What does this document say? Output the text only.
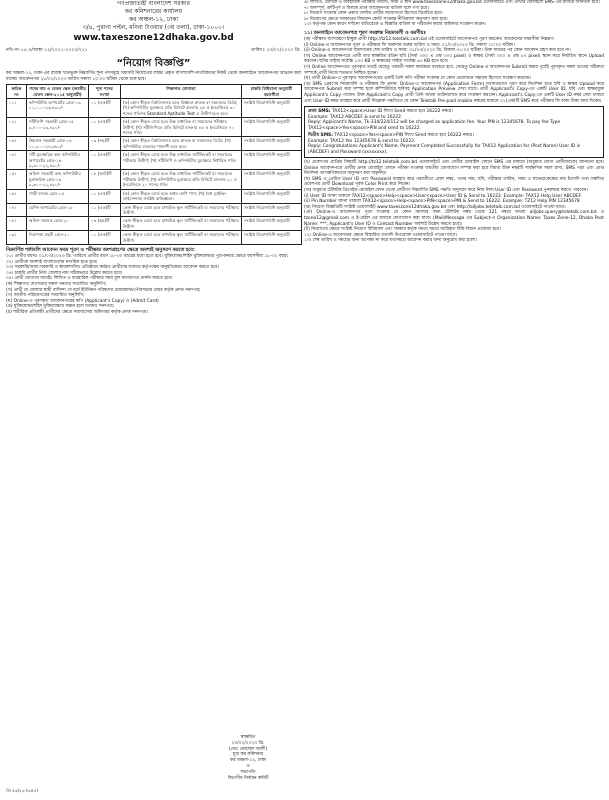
গণপ্রজাতন্ত্রী বাংলাদেশ সরকার
কর কমিশনারের কার্যালয়
কর অঞ্চল-১২, ঢাকা
৩/৪, পুরানা পল্টন, মনিরা টাওয়ার (৩য় তলা), ঢাকা-১০০০।
www.taxeszone12dhaka.gov.bd
নথি নং-১৫.৩/আস্থা-১২/২০২২-২০২৩/২২১	তারিখঃ ২৩/০২/২০২৩ খ্রি.
“নিয়োগ বিজ্ঞপ্তি”
কর অঞ্চল-১২, ঢাকা-এর রাজস্ব খাতভুক্ত নিম্নবর্ণিত শূন্য পদসমূহে সরাসরি নিয়োগের লক্ষ্যে প্রকৃত বাংলাদেশি নাগরিকদের নিকট থেকে অনলাইনে আবেদনপত্র আহ্বান করা যাচ্ছে। আবেদনপত্র ২৮/০২/২০২৩ তারিখ সকাল ১০:০০ ঘটিকা থেকে শুরু হবে।
ক্রমিক নং	পদের নাম ও বেতন স্কেল (জাতীয় বেতন স্কেল-২০১৫ অনুযায়ী)	শূন্য পদের সংখ্যা	শিক্ষাগত যোগ্যতা	চাকরি বিধিমালা অনুযায়ী বয়সসীমা
০১।	কম্পিউটার অপারেটর গ্রেড-১৩ ১১,০০০-২৬,৫৯০/-	০১ (এক)টি	(ক) কোন স্বীকৃত বিশ্ববিদ্যালয় হতে বিজ্ঞানে স্নাতক বা সমমানের ডিগ্রি; (খ) কম্পিউটার মুদ্রাক্ষরে প্রতি মিনিটে বাংলায় ২৫ ও ইংরেজিতে ৩০ শব্দের গতিসহ Standard Aptitude Test এ উত্তীর্ণ হতে হবে।	সংশ্লিষ্ট নিয়োগবিধি অনুযায়ী
০২।	সাঁটলিপি সহকারী গ্রেড-১৫ ৯,৭০০-২৩,৪৯০/-	০১ (এক)টি	(ক) কোন স্বীকৃত বোর্ড হতে উচ্চ মাধ্যমিক বা সমমানের পরীক্ষায় উত্তীর্ণ; (খ) সাঁটলিপিতে প্রতি মিনিটে বাংলায় ৪৫ ও ইংরেজিতে ৭০ শব্দের গতি।	সংশ্লিষ্ট নিয়োগবিধি অনুযায়ী
০৩।	উচ্চমান সহকারী গ্রেড-১৪ ১০,২০০-২৪,৬৮০/-	০৯ (নয়)টি	(ক) কোন স্বীকৃত বিশ্ববিদ্যালয় হতে স্নাতক বা সমমানের ডিগ্রি; (খ) কম্পিউটার ব্যবহারে পারদর্শী হতে হবে।	সংশ্লিষ্ট নিয়োগবিধি অনুযায়ী
০৪।	সাঁট মুদ্রাক্ষরিক কাম কম্পিউটার অপারেটর গ্রেড-১৬ ৯,৩০০-২২,৪৯০/-	০১ (এক)টি	(ক) কোন স্বীকৃত বোর্ড হতে উচ্চ মাধ্যমিক সার্টিফিকেট বা সমমানের পরীক্ষায় উত্তীর্ণ; (খ) সাঁটলিপি ও কম্পিউটার মুদ্রাক্ষরে নির্ধারিত গতি।	সংশ্লিষ্ট নিয়োগবিধি অনুযায়ী
০৫।	অফিস সহকারী কাম কম্পিউটার মুদ্রাক্ষরিক গ্রেড-১৬ ৯,৩০০-২২,৪৯০/-	০৮ (আট)টি	(ক) কোন স্বীকৃত বোর্ড হতে উচ্চ মাধ্যমিক সার্টিফিকেট বা সমমানের পরীক্ষায় উত্তীর্ণ; (খ) কম্পিউটার মুদ্রাক্ষরে প্রতি মিনিটে বাংলায় ২০ ও ইংরেজিতে ২০ শব্দের গতি।	সংশ্লিষ্ট নিয়োগবিধি অনুযায়ী
০৬।	গাড়ী চালক গ্রেড-১৫	০১ (এক)টি	(ক) কোন স্বীকৃত বোর্ড হতে অষ্টম শ্রেণি পাস; (খ) বৈধ ড্রাইভিং লাইসেন্সসহ সংশ্লিষ্ট অভিজ্ঞতা।	সংশ্লিষ্ট নিয়োগবিধি অনুযায়ী
০৭।	মেশিন অপারেটর গ্রেড-১৮	০১ (এক)টি	কোন স্বীকৃত বোর্ড হতে মাধ্যমিক স্কুল সার্টিফিকেট বা সমমানের পরীক্ষায় উত্তীর্ণ।	সংশ্লিষ্ট নিয়োগবিধি অনুযায়ী
০৮।	অফিস সহায়ক গ্রেড-২০	০৬ (ছয়)টি	কোন স্বীকৃত বোর্ড হতে মাধ্যমিক স্কুল সার্টিফিকেট বা সমমানের পরীক্ষায় উত্তীর্ণ।	সংশ্লিষ্ট নিয়োগবিধি অনুযায়ী
০৯।	নিরাপত্তা প্রহরী গ্রেড-২০	০১ (এক)টি	কোন স্বীকৃত বোর্ড হতে মাধ্যমিক স্কুল সার্টিফিকেট বা সমমানের পরীক্ষায় উত্তীর্ণ।	সংশ্লিষ্ট নিয়োগবিধি অনুযায়ী
নিম্নবর্ণিত শর্তাবলি আবেদন ফরম পূরণ ও পরীক্ষায় অংশগ্রহণের ক্ষেত্রে অবশ্যই অনুসরণ করতে হবে:
০১। প্রার্থীর বয়সঃ ০১/০৩/২০২৩ খ্রি. তারিখে প্রার্থীর বয়স ১৮-৩০ বছরের মধ্যে হতে হবে। মুক্তিযোদ্ধা/শহিদ মুক্তিযোদ্ধার পুত্র-কন্যার ক্ষেত্রে বয়সসীমা ১৮-৩২ বছর।
০২। প্রার্থীকে অবশ্যই বাংলাদেশের নাগরিক হতে হবে।
০৩। সরকারি/আধা-সরকারি ও স্বায়ত্তশাসিত প্রতিষ্ঠানে কর্মরত প্রার্থীদের যথাযথ কর্তৃপক্ষের অনুমতিক্রমে আবেদন করতে হবে।
০৪। চাকরি প্রার্থীর নিজ জেলার নাম সঠিকভাবে উল্লেখ করতে হবে।
০৫। প্রার্থী যোগ্যতা যাচাইঃ লিখিত ও ব্যবহারিক পরীক্ষার সময় মূল কাগজপত্র প্রদর্শন করতে হবে।
(ক) শিক্ষাগত যোগ্যতার সকল সনদের সত্যায়িত অনুলিপি;
(খ) প্রার্থী যে জেলার স্থায়ী বাসিন্দা সে মর্মে ইউনিয়ন পরিষদের চেয়ারম্যান/পৌরসভার মেয়র কর্তৃক প্রদত্ত সনদপত্র;
(গ) জাতীয় পরিচয়পত্রের সত্যায়িত অনুলিপি;
(ঘ) Online-এ পূরণকৃত আবেদনপত্রের কপি (Applicant's Copy) ও (Admit Card)
(ঙ) মুক্তিযোদ্ধা/শহিদ মুক্তিযোদ্ধার সন্তান হলে যথাযথ সনদপত্র;
(চ) শারীরিক প্রতিবন্ধী প্রার্থীদের ক্ষেত্রে সমাজসেবা অধিদপ্তর কর্তৃক প্রদত্ত সনদপত্র।
৬। লিখিত, মৌখিক ও ব্যবহারিক পরীক্ষার তারিখ, সময় ও স্থান www.taxeszone12dhaka.gov.bd ওয়েবসাইটে এবং প্রার্থীর মোবাইলে SMS এর মাধ্যমে জানানো হবে।
৭। অসম্পূর্ণ, ত্রুটিপূর্ণ ও বিলম্বে প্রাপ্ত আবেদনপত্র বাতিল বলে গণ্য হবে।
৮। নিয়োগ সংক্রান্ত কোন প্রকার তদবির প্রার্থীর অযোগ্যতা হিসেবে বিবেচিত হবে।
৯। নিয়োগের ক্ষেত্রে সরকারের বিদ্যমান কোটা সংক্রান্ত নীতিমালা অনুসরণ করা হবে।
১০। কর্তৃপক্ষ কোন কারণ দর্শানো ব্যতিরেকে এ বিজ্ঞপ্তি বাতিল বা পরিবর্তন করার অধিকার সংরক্ষণ করেন।
১১। অনলাইনে আবেদনপত্র পূরণ সংক্রান্ত নিয়মাবলী ও করণীয়ঃ
(ক) পরীক্ষায় অংশগ্রহণে ইচ্ছুক প্রার্থী http://tz12.teletalk.com.bd এই ওয়েবসাইটে আবেদনপত্র পূরণ করবেন। আবেদনের সময়সীমা নিম্নরূপ:
(i) Online-এ আবেদনপত্র পূরণ ও পরীক্ষার ফি জমাদান শুরুর তারিখ ও সময়: ০১/০৩/২০২৩ খ্রি. সকাল ১০:০০ ঘটিকা।
(ii) Online-এ আবেদনপত্র জমাদানের শেষ তারিখ ও সময়: ৩১/০৩/২০২৩ খ্রি. বিকাল ০৫:০০ ঘটিকা। উক্ত সময়ের পর কোন আবেদন গ্রহণ করা হবে না।
(খ) Online আবেদনপত্রে প্রার্থী তার স্বাক্ষরিত রঙিন ছবি (দৈর্ঘ্য ৩০০ × প্রস্থ ৩০০ pixel) ও স্বাক্ষর (দৈর্ঘ্য ৩০০ × প্রস্থ ৮০ pixel) স্ক্যান করে নির্ধারিত স্থানে Upload করবেন। ছবির সাইজ সর্বোচ্চ ১০০ KB ও স্বাক্ষরের সাইজ সর্বোচ্চ ৬০ KB হতে হবে।
(গ) Online আবেদনপত্রে পূরণকৃত তথ্যই যেহেতু পরবর্তী সকল কার্যক্রমে ব্যবহৃত হবে, সেহেতু Online-এ আবেদনপত্র Submit করার পূর্বেই পূরণকৃত সকল তথ্যের সঠিকতা সম্পর্কে প্রার্থী নিজে শতভাগ নিশ্চিত হবেন।
(ঘ) প্রার্থী Online-এ পূরণকৃত আবেদনপত্রের একটি প্রিন্ট কপি পরীক্ষা সংক্রান্ত যে কোন প্রয়োজনে সহায়ক হিসেবে সংরক্ষণ করবেন।
(ঙ) SMS প্রেরণের নিয়মাবলি ও পরীক্ষার ফি প্রদান: Online-এ আবেদনপত্র (Application Form) যথাযথভাবে পূরণ করে নির্দেশনা মতে ছবি ও স্বাক্ষর Upload করে আবেদনপত্র Submit করা সম্পন্ন হলে কম্পিউটারে ছবিসহ Application Preview দেখা যাবে। প্রার্থী Applicant's Copy-তে একটি User ID, ছবি এবং স্বাক্ষরযুক্ত Applicant's Copy পাবেন। উক্ত Applicant's Copy প্রার্থী প্রিন্ট অথবা ডাউনলোড করে সংরক্ষণ করবেন। Applicant's Copy-তে একটি User ID নম্বর দেয়া থাকবে এবং User ID নম্বর ব্যবহার করে প্রার্থী নিম্নোক্ত পদ্ধতিতে যে কোন Teletalk Pre-paid mobile নম্বরের মাধ্যমে ০১(এক)টি SMS করে পরীক্ষার ফি বাবদ টাকা জমা দিবেন।
প্রথম SMS: TAX12<space>User ID লিখে Send করতে হবে 16222 নম্বরে।
Example: TAX12 ABCDEF & send to 16222.
Reply: Applicant's Name, Tk-334/224/112 will be charged as application fee. Your PIN is 12345678. To pay fee Type TAX12<space>Yes<space>PIN and send to 16222.
দ্বিতীয় SMS: TAX12<space>Yes<space>PIN লিখে Send করতে হবে 16222 নম্বরে।
Example: TAX12 Yes 12345678 & send to 16222.
Reply: Congratulations Applicant's Name, Payment Completed Successfully for TAX12 Application for (Post Name) User ID is (ABCDEF) and Password (xxxxxxxx).
(চ) প্রবেশপত্র প্রাপ্তির বিষয়টি http://tz12.teletalk.com.bd ওয়েবসাইটে এবং প্রার্থীর মোবাইল ফোনে SMS এর মাধ্যমে (শুধুমাত্র যোগ্য প্রার্থীদেরকে) জানানো হবে। Online আবেদনপত্রে প্রার্থীর প্রদত্ত মোবাইল ফোনে পরীক্ষা সংক্রান্ত যাবতীয় যোগাযোগ সম্পন্ন করা হবে বিধায় উক্ত নম্বরটি সার্বক্ষণিক সচল রাখা, SMS পড়া এবং প্রাপ্ত নির্দেশনা তাৎক্ষণিকভাবে অনুসরণ করা বাঞ্ছনীয়।
(ছ) SMS এ প্রেরিত User ID এবং Password ব্যবহার করে পরবর্তীতে রোল নম্বর, পদের নাম, ছবি, পরীক্ষার তারিখ, সময় ও স্থানের/কেন্দ্রের নাম ইত্যাদি তথ্য সম্বলিত প্রবেশপত্র প্রার্থী Download পূর্বক Color Print করে নিবেন।
(জ) শুধুমাত্র টেলিটক প্রিপেইড মোবাইল ফোন থেকে প্রার্থীগণ নিম্নবর্ণিত SMS পদ্ধতি অনুসরণ করে নিজ নিজ User ID এবং Password পুনরুদ্ধার করতে পারবেন।
(i) User ID জানা থাকলে TAX12<space>Help<space>User<space>User ID & Send to 16222. Example: TAX12 Help User ABCDEF
(ii) Pin Number জানা থাকলে TAX12<space>Help<space>PIN<space>PIN & Send to 16222. Example: TZ12 Help PIN 12345678
(ঝ) নিয়োগ বিজ্ঞপ্তিটি সংশ্লিষ্ট ওয়েবসাইট www.taxeszone12dhaka.gov.bd এবং http://alljobs.teletalk.com.bd ওয়েবসাইটে পাওয়া যাবে।
(ঞ) Online-এ আবেদনপত্র পূরণ সংক্রান্ত যে কোন সমস্যার জন্য টেলিটক নম্বর থেকে 121 নম্বরে অথবা alljobs.query@teletalk.com.bd ও tzone12@gmail.com এ ই-মেইল এর মাধ্যমে যোগাযোগ করা যাবে। (Mail/Message এর Subject-এ Organization Name: Taxes Zone-12, Dhaka Post Name: ***, Applicant's User ID ও Contact Number অবশ্যই উল্লেখ করতে হবে)।
(ট) নিয়োগের ক্ষেত্রে সংশ্লিষ্ট নিয়োগ বিধিমালা এবং সরকার কর্তৃক সময়ে সময়ে জারিকৃত বিধি-বিধান প্রযোজ্য হবে।
১২। Online-এ আবেদনের ক্ষেত্রে বিস্তারিত তথ্যাদি উপরোক্ত ওয়েবসাইটে পাওয়া যাবে।
১৩। শেষ তারিখ ও সময়ের জন্য অপেক্ষা না করে যথাসময়ে আবেদন করার জন্য অনুরোধ করা হলো।
স্বাক্ষরিত
২৩/০২/২০২৩ খ্রি.
(মোঃ মোহাম্মদ আলী)
যুগ্ম কর কমিশনার
কর অঞ্চল-১২, ঢাকা
ও
সভাপতি
বিভাগীয় নির্বাচন কমিটি
জি ৫৬/২৩ (৩×৪)
